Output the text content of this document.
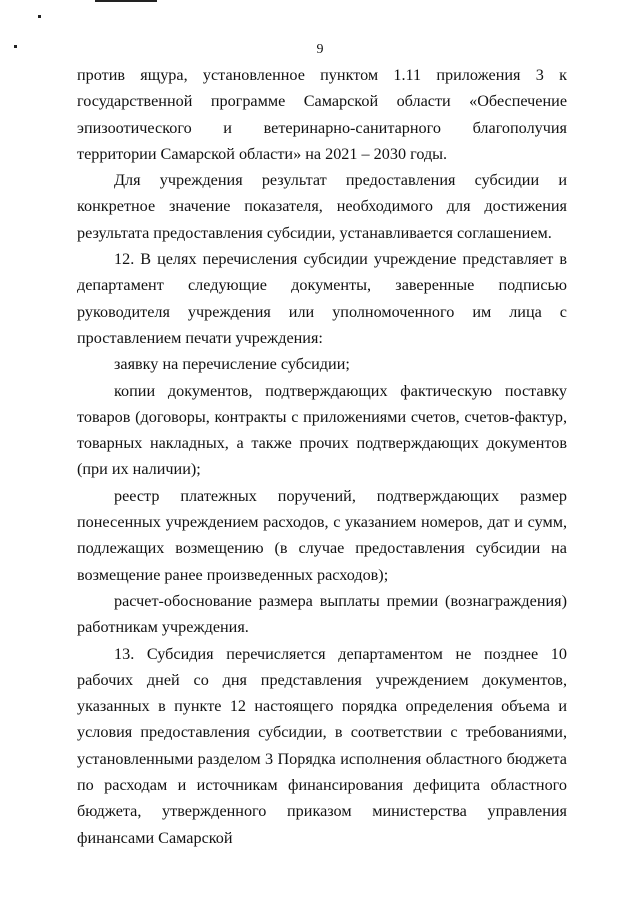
9

против ящура, установленное пунктом 1.11 приложения 3 к государственной программе Самарской области «Обеспечение эпизоотического и ветеринарно-санитарного благополучия территории Самарской области» на 2021 – 2030 годы.

Для учреждения результат предоставления субсидии и конкретное значение показателя, необходимого для достижения результата предоставления субсидии, устанавливается соглашением.

12. В целях перечисления субсидии учреждение представляет в департамент следующие документы, заверенные подписью руководителя учреждения или уполномоченного им лица с проставлением печати учреждения:

заявку на перечисление субсидии;

копии документов, подтверждающих фактическую поставку товаров (договоры, контракты с приложениями счетов, счетов-фактур, товарных накладных, а также прочих подтверждающих документов (при их наличии);

реестр платежных поручений, подтверждающих размер понесенных учреждением расходов, с указанием номеров, дат и сумм, подлежащих возмещению (в случае предоставления субсидии на возмещение ранее произведенных расходов);

расчет-обоснование размера выплаты премии (вознаграждения) работникам учреждения.

13. Субсидия перечисляется департаментом не позднее 10 рабочих дней со дня представления учреждением документов, указанных в пункте 12 настоящего порядка определения объема и условия предоставления субсидии, в соответствии с требованиями, установленными разделом 3 Порядка исполнения областного бюджета по расходам и источникам финансирования дефицита областного бюджета, утвержденного приказом министерства управления финансами Самарской
